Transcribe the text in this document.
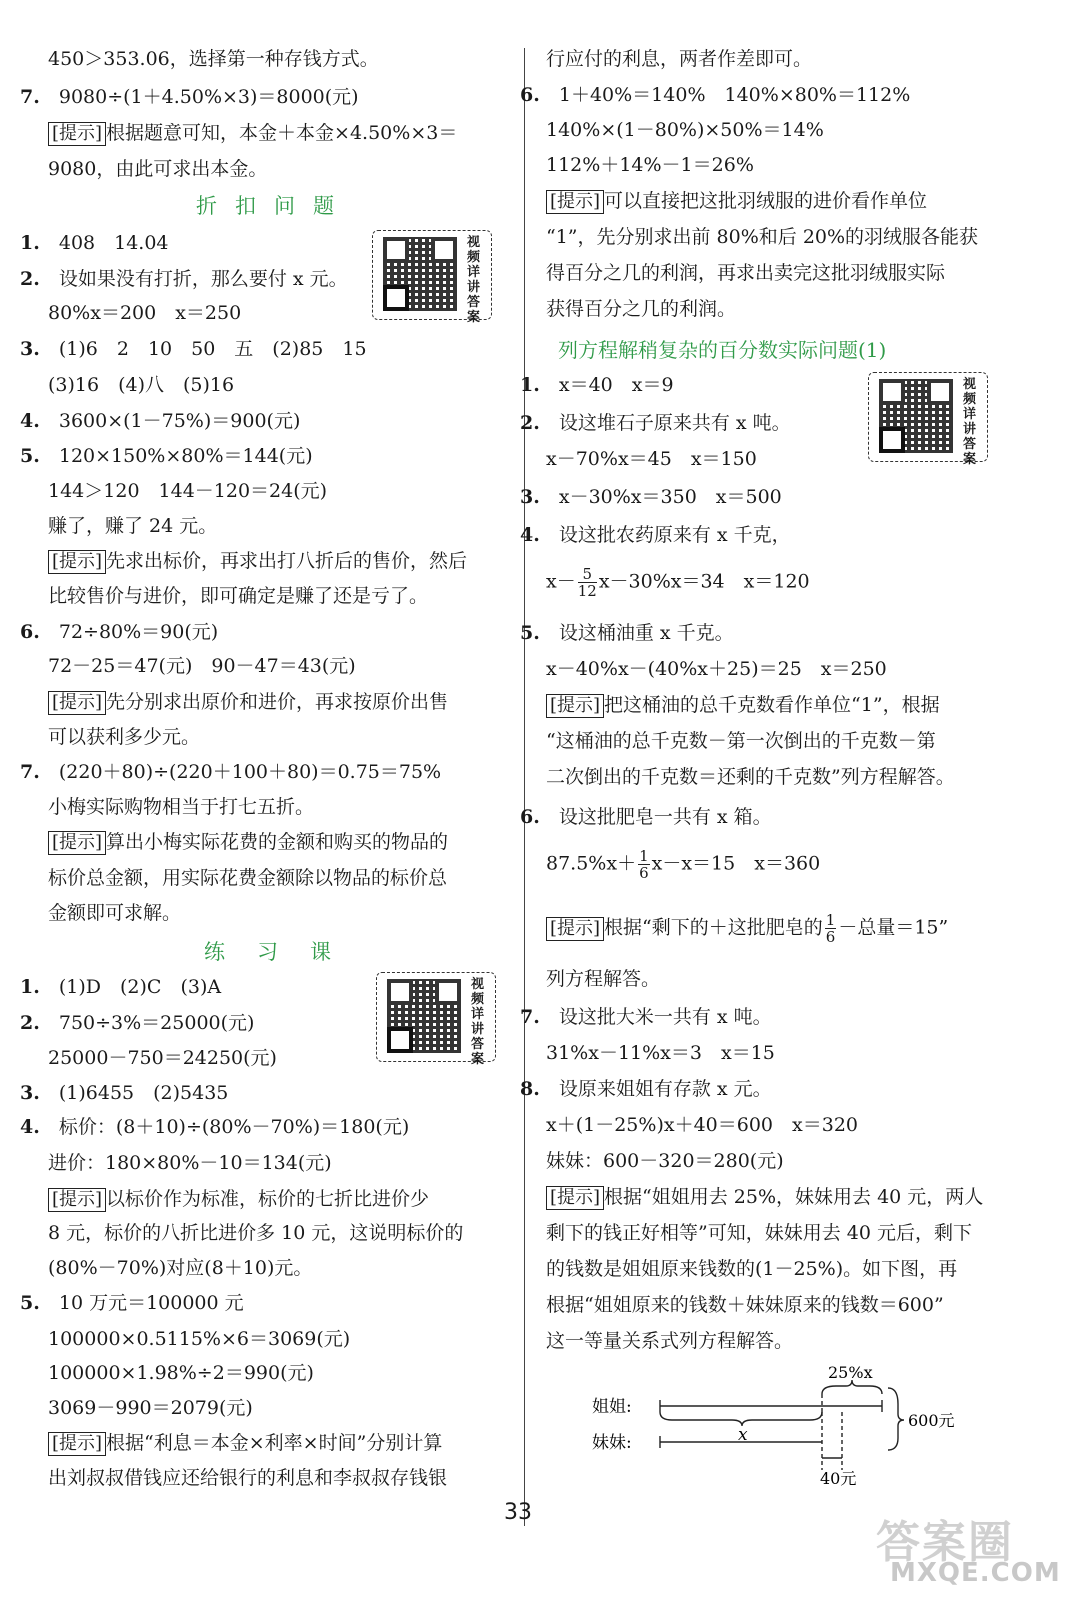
450＞353.06，选择第一种存钱方式。
7.　 9080÷(1＋4.50%×3)＝8000(元)
[提示] 根据题意可知，本金＋本金×4.50%×3＝
9080，由此可求出本金。
折扣问题
1.　 408　14.04
2.　 设如果没有打折，那么要付 x 元。
80%x＝200　x＝250
3.　 (1)6　2　10　50　五　(2)85　15
(3)16　(4)八　(5)16
4.　 3600×(1－75%)＝900(元)
5.　 120×150%×80%＝144(元)
144＞120　144－120＝24(元)
赚了，赚了 24 元。
[提示] 先求出标价，再求出打八折后的售价，然后
比较售价与进价，即可确定是赚了还是亏了。
6.　 72÷80%＝90(元)
72－25＝47(元)　90－47＝43(元)
[提示] 先分别求出原价和进价，再求按原价出售
可以获利多少元。
7.　 (220＋80)÷(220＋100＋80)＝0.75＝75%
小梅实际购物相当于打七五折。
[提示] 算出小梅实际花费的金额和购买的物品的
标价总金额，用实际花费金额除以物品的标价总
金额即可求解。
练习课
1.　 (1)D　(2)C　(3)A
2.　 750÷3%＝25000(元)
25000－750＝24250(元)
3.　 (1)6455　(2)5435
4.　 标价：(8＋10)÷(80%－70%)＝180(元)
进价：180×80%－10＝134(元)
[提示] 以标价作为标准，标价的七折比进价少
8 元，标价的八折比进价多 10 元，这说明标价的
(80%－70%)对应(8＋10)元。
5.　 10 万元＝100000 元
100000×0.5115%×6＝3069(元)
100000×1.98%÷2＝990(元)
3069－990＝2079(元)
[提示] 根据“利息＝本金×利率×时间”分别计算
出刘叔叔借钱应还给银行的利息和李叔叔存钱银
视频详讲答案
视频详讲答案
行应付的利息，两者作差即可。
6.　 1＋40%＝140%　140%×80%＝112%
140%×(1－80%)×50%＝14%
112%＋14%－1＝26%
[提示] 可以直接把这批羽绒服的进价看作单位
“1”，先分别求出前 80%和后 20%的羽绒服各能获
得百分之几的利润，再求出卖完这批羽绒服实际
获得百分之几的利润。
列方程解稍复杂的百分数实际问题(1)
1.　 x＝40　x＝9
2.　 设这堆石子原来共有 x 吨。
x－70%x＝45　x＝150
3.　 x－30%x＝350　x＝500
4.　 设这批农药原来有 x 千克，
$x- \frac{5}{12} x-30\%x=34$　x＝120
5.　 设这桶油重 x 千克。
x－40%x－(40%x＋25)＝25　x＝250
[提示] 把这桶油的总千克数看作单位“1”，根据
“这桶油的总千克数－第一次倒出的千克数－第
二次倒出的千克数＝还剩的千克数”列方程解答。
6.　 设这批肥皂一共有 x 箱。
$87.5\%x+ \frac{1}{6} x-x=15$　x＝360
[提示] 根据“剩下的＋这批肥皂的 $\frac{1}{6}$ －总量＝15”
列方程解答。
7.　 设这批大米一共有 x 吨。
31%x－11%x＝3　x＝15
8.　 设原来姐姐有存款 x 元。
x＋(1－25%)x＋40＝600　x＝320
妹妹：600－320＝280(元)
[提示] 根据“姐姐用去 25%，妹妹用去 40 元，两人
剩下的钱正好相等”可知，妹妹用去 40 元后，剩下
的钱数是姐姐原来钱数的(1－25%)。如下图，再
根据“姐姐原来的钱数＋妹妹原来的钱数＝600”
这一等量关系式列方程解答。
视频详讲答案
姐姐:
妹妹:	x
25%x
600元
40元
33
答案圈
MXQE.COM
